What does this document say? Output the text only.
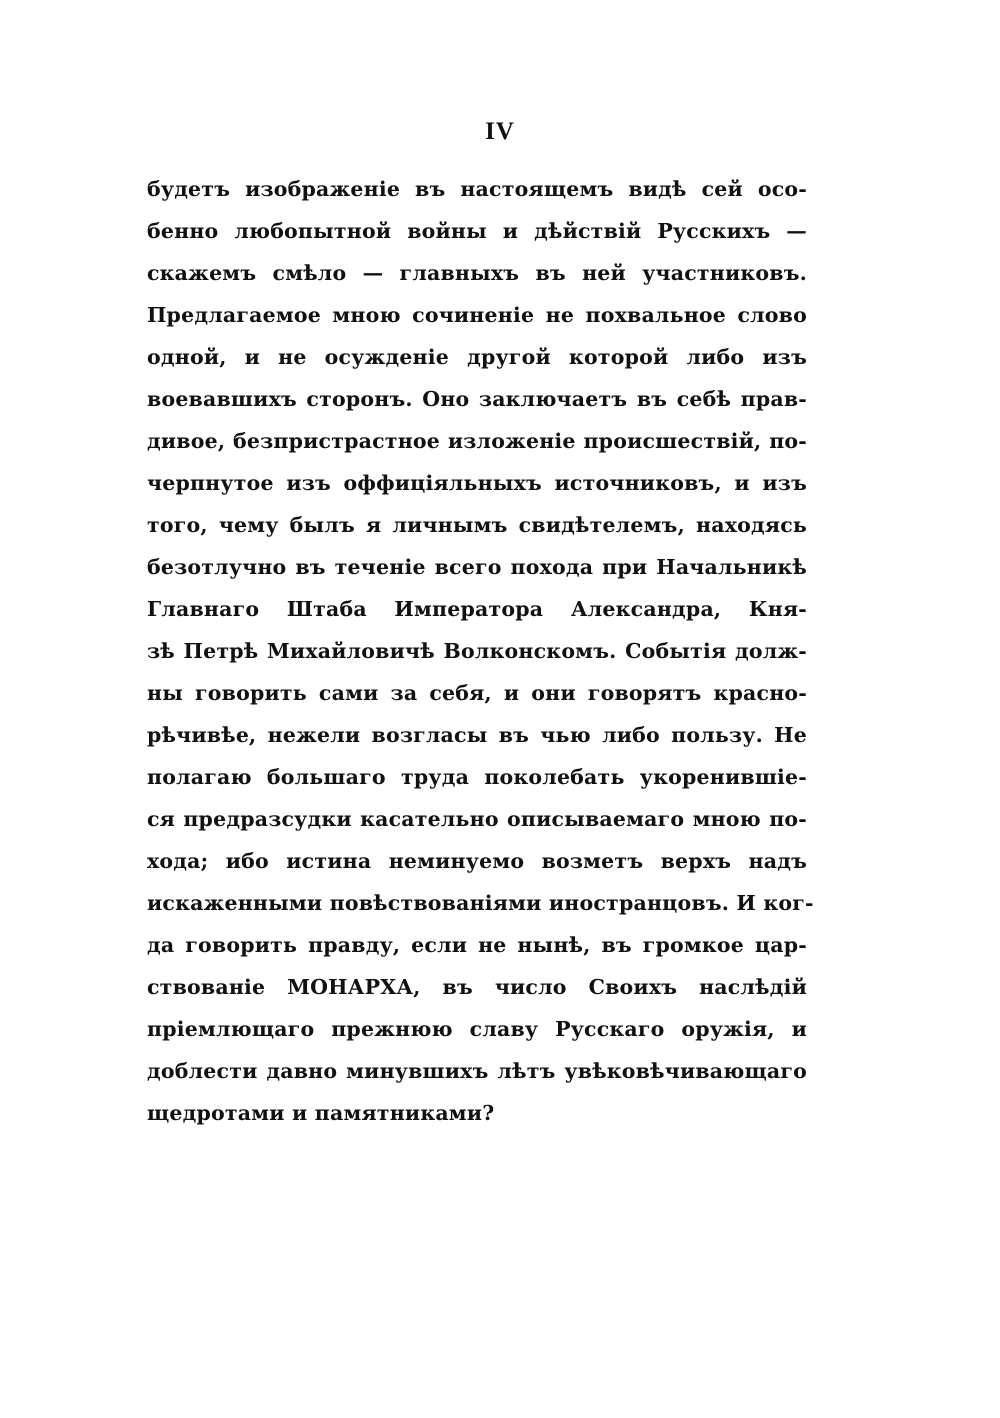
IV
будетъ изображеніе въ настоящемъ видѣ сей осо-
бенно любопытной войны и дѣйствій Русскихъ —
скажемъ смѣло — главныхъ въ ней участниковъ.
Предлагаемое мною сочиненіе не похвальное слово
одной, и не осужденіе другой которой либо изъ
воевавшихъ сторонъ. Оно заключаетъ въ себѣ прав-
дивое, безпристрастное изложеніе происшествій, по-
черпнутое изъ оффиціяльныхъ источниковъ, и изъ
того, чему былъ я личнымъ свидѣтелемъ, находясь
безотлучно въ теченіе всего похода при Начальникѣ
Главнаго Штаба Императора Александра, Кня-
зѣ Петрѣ Михайловичѣ Волконскомъ. Событія долж-
ны говорить сами за себя, и они говорятъ красно-
рѣчивѣе, нежели возгласы въ чью либо пользу. Не
полагаю большаго труда поколебать укоренившіе-
ся предразсудки касательно описываемаго мною по-
хода; ибо истина неминуемо возметъ верхъ надъ
искаженными повѣствованіями иностранцовъ. И ког-
да говорить правду, если не нынѣ, въ громкое цар-
ствованіе МОНАРХА, въ число Своихъ наслѣдій
пріемлющаго прежнюю славу Русскаго оружія, и
доблести давно минувшихъ лѣтъ увѣковѣчивающаго
щедротами и памятниками?
